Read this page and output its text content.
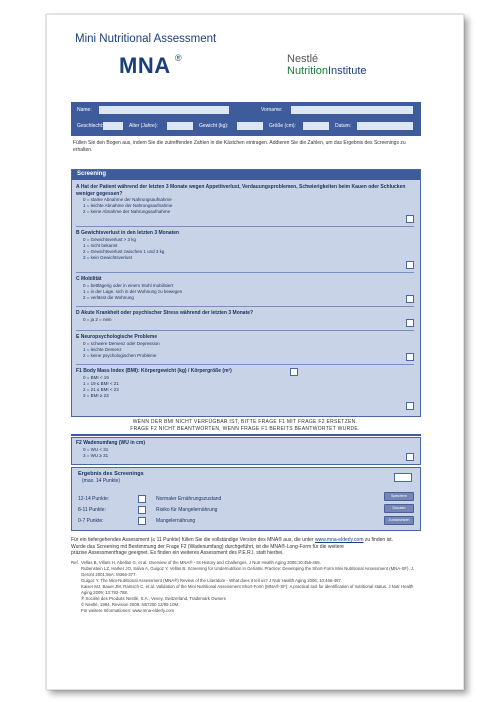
Mini Nutritional Assessment
MNA ®	Nestlé
NutritionInstitute
Name:	Vorname:
Geschlecht:	Alter (Jahre):	Gewicht (kg):	Größe (cm):	Datum:
Füllen Sie den Bogen aus, indem Sie die zutreffenden Zahlen in die Kästchen eintragen. Addieren Sie die Zahlen, um das Ergebnis des Screenings zu erhalten.
Screening
A Hat der Patient während der letzten 3 Monate wegen Appetitverlust, Verdauungsproblemen, Schwierigkeiten beim Kauen oder Schlucken weniger gegessen?
0 = starke Abnahme der Nahrungsaufnahme
1 = leichte Abnahme der Nahrungsaufnahme
2 = keine Abnahme der Nahrungsaufnahme
B Gewichtsverlust in den letzten 3 Monaten
0 = Gewichtsverlust > 3 kg
1 = nicht bekannt
2 = Gewichtsverlust zwischen 1 und 3 kg
3 = kein Gewichtsverlust
C Mobilität
0 = bettlägerig oder in einem Stuhl mobilisiert
1 = in der Lage, sich in der Wohnung zu bewegen
2 = verlässt die Wohnung
D Akute Krankheit oder psychischer Stress während der letzten 3 Monate?
0 = ja 2 = nein
E Neuropsychologische Probleme
0 = schwere Demenz oder Depression
1 = leichte Demenz
2 = keine psychologischen Probleme
F1 Body Mass Index (BMI): Körpergewicht (kg) / Körpergröße (m²)
0 = BMI < 19
1 = 19 ≤ BMI < 21
2 = 21 ≤ BMI < 23
3 = BMI ≥ 23
WENN DER BMI NICHT VERFÜGBAR IST, BITTE FRAGE F1 MIT FRAGE F2 ERSETZEN.
FRAGE F2 NICHT BEANTWORTEN, WENN FRAGE F1 BEREITS BEANTWORTET WURDE.
F2 Wadenumfang (WU in cm)
0 = WU < 31
3 = WU ≥ 31
Ergebnis des Screenings
(max. 14 Punkte)
12-14 Punkte:	Normaler Ernährungszustand
8-11 Punkte:	Risiko für Mangelernährung
0-7 Punkte:	Mangelernährung
Speichern
Drucken
Zurücksetzen
Für ein tiefergehendes Assessment (≤ 11 Punkte) füllen Sie die vollständige Version des MNA® aus, die unter www.mna-elderly.com zu finden ist.
Wurde das Screening mit Bestimmung der Frage F2 (Wadenumfang) durchgeführt, ist die MNA®-Long-Form für die weitere
präzise Assessmentfrage geeignet. Es finden ein weiteres Assessment des P.E.R.I. statt hierbei.
Ref. Vellas B, Villars H, Abellan G, et al. Overview of the MNA® - Its History and Challenges. J Nutr Health Aging 2006;10:456-465.
Rubenstein LZ, Harker JO, Salva A, Guigoz Y, Vellas B. Screening for Undernutrition in Geriatric Practice: Developing the Short-Form Mini Nutritional Assessment (MNA-SF). J. Geront 2001;56A: M366-377.
Guigoz Y. The Mini-Nutritional Assessment (MNA®) Review of the Literature - What does it tell us? J Nutr Health Aging 2006; 10:466-487.
Kaiser MJ, Bauer JM, Ramsch C, et al. Validation of the Mini Nutritional Assessment Short-Form (MNA®-SF): A practical tool for identification of nutritional status. J Nutr Health Aging 2009; 13:782-788.
® Société des Produits Nestlé, S.A., Vevey, Switzerland, Trademark Owners
© Nestlé, 1994, Revision 2009. N67200 12/99 10M
Für weitere Informationen: www.mna-elderly.com
